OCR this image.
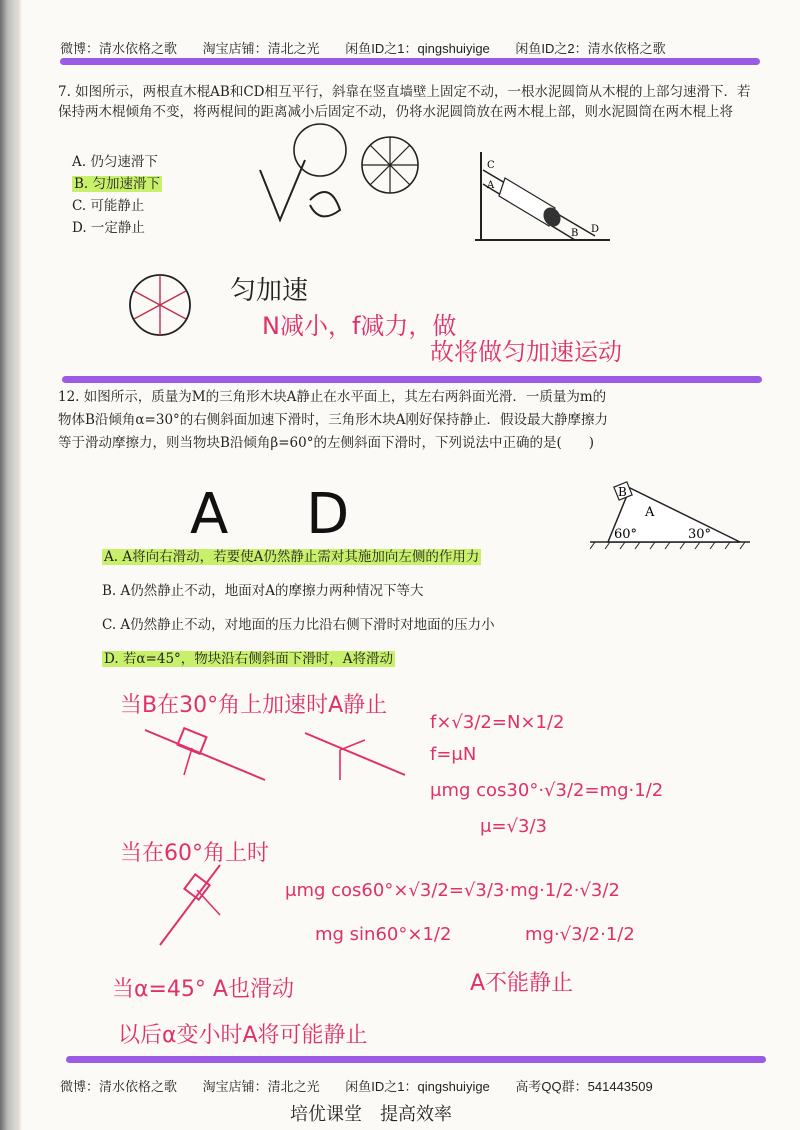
微博：清水依格之歌 淘宝店铺：清北之光 闲鱼ID之1：qingshuiyige 闲鱼ID之2：清水依格之歌
7. 如图所示，两根直木棍AB和CD相互平行，斜靠在竖直墙壁上固定不动，一根水泥圆筒从木棍的上部匀速滑下．若保持两木棍倾角不变，将两棍间的距离减小后固定不动，仍将水泥圆筒放在两木棍上部，则水泥圆筒在两木棍上将
A. 仍匀速滑下
B. 匀加速滑下
C. 可能静止
D. 一定静止
C
A
B D
匀加速
N减小，f减力，做
故将做匀加速运动
12. 如图所示，质量为M的三角形木块A静止在水平面上，其左右两斜面光滑．一质量为m的物体B沿倾角α=30°的右侧斜面加速下滑时，三角形木块A刚好保持静止．假设最大静摩擦力等于滑动摩擦力，则当物块B沿倾角β=60°的左侧斜面下滑时，下列说法中正确的是(　　)
B
A
60°	30°
A D
A. A将向右滑动，若要使A仍然静止需对其施加向左侧的作用力
B. A仍然静止不动，地面对A的摩擦力两种情况下等大
C. A仍然静止不动，对地面的压力比沿右侧下滑时对地面的压力小
D. 若α=45°，物块沿右侧斜面下滑时，A将滑动
当B在30°角上加速时A静止
f×√3/2=N×1/2
f=μN
μmg cos30°·√3/2=mg·1/2
μ=√3/3
当在60°角上时
μmg cos60°×√3/2=√3/3·mg·1/2·√3/2
mg sin60°×1/2	mg·√3/2·1/2
当α=45° A也滑动	A不能静止
以后α变小时A将可能静止
微博：清水依格之歌 淘宝店铺：清北之光 闲鱼ID之1：qingshuiyige 高考QQ群：541443509
培优课堂　提高效率
